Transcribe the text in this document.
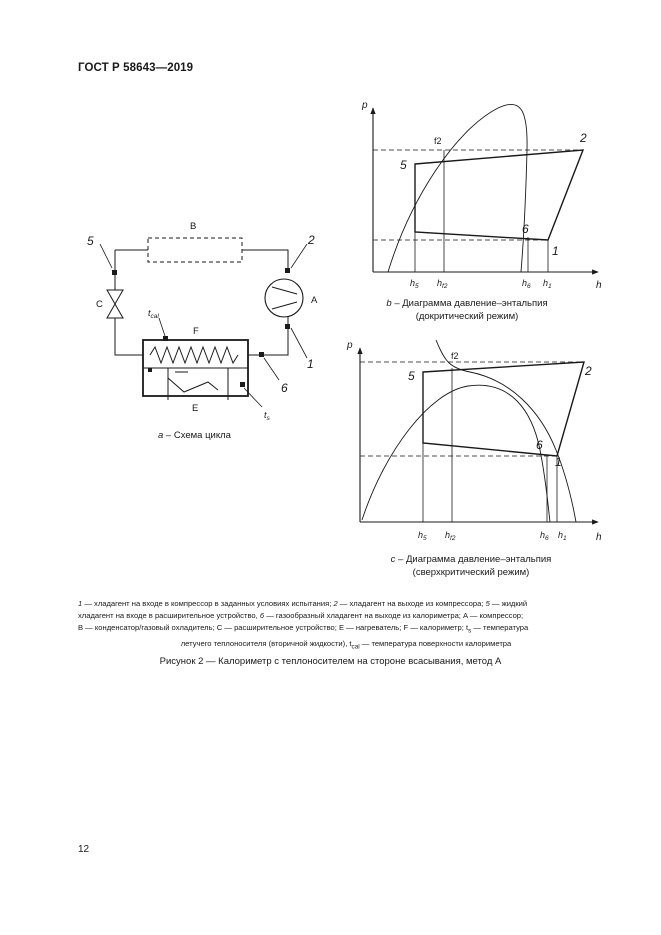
ГОСТ Р 58643—2019
B
A
C
F
E
5	2
1
6
$t_{cal}$
$t_s$
a – Схема цикла
p
h
f2	2
5
6
1
$h_5$ $h_{f2}$	$h_6$ $h_1$
b – Диаграмма давление–энтальпия
(докритический режим)
p
h
f2
5	2
6
1
$h_5$ $h_{f2}$	$h_6$ $h_1$
c – Диаграмма давление–энтальпия
(сверхкритический режим)

1 — хладагент на входе в компрессор в заданных условиях испытания; 2 — хладагент на выходе из компрессора; 5 — жидкий

хладагент на входе в расширительное устройство, 6 — газообразный хладагент на выходе из калориметра; A — компрессор;

B — конденсатор/газовый охладитель; C — расширительное устройство; E — нагреватель; F — калориметр; $t_s$ — температура

летучего теплоносителя (вторичной жидкости), $t_{cal}$ — температура поверхности калориметра

Рисунок 2 — Калориметр с теплоносителем на стороне всасывания, метод A
12
